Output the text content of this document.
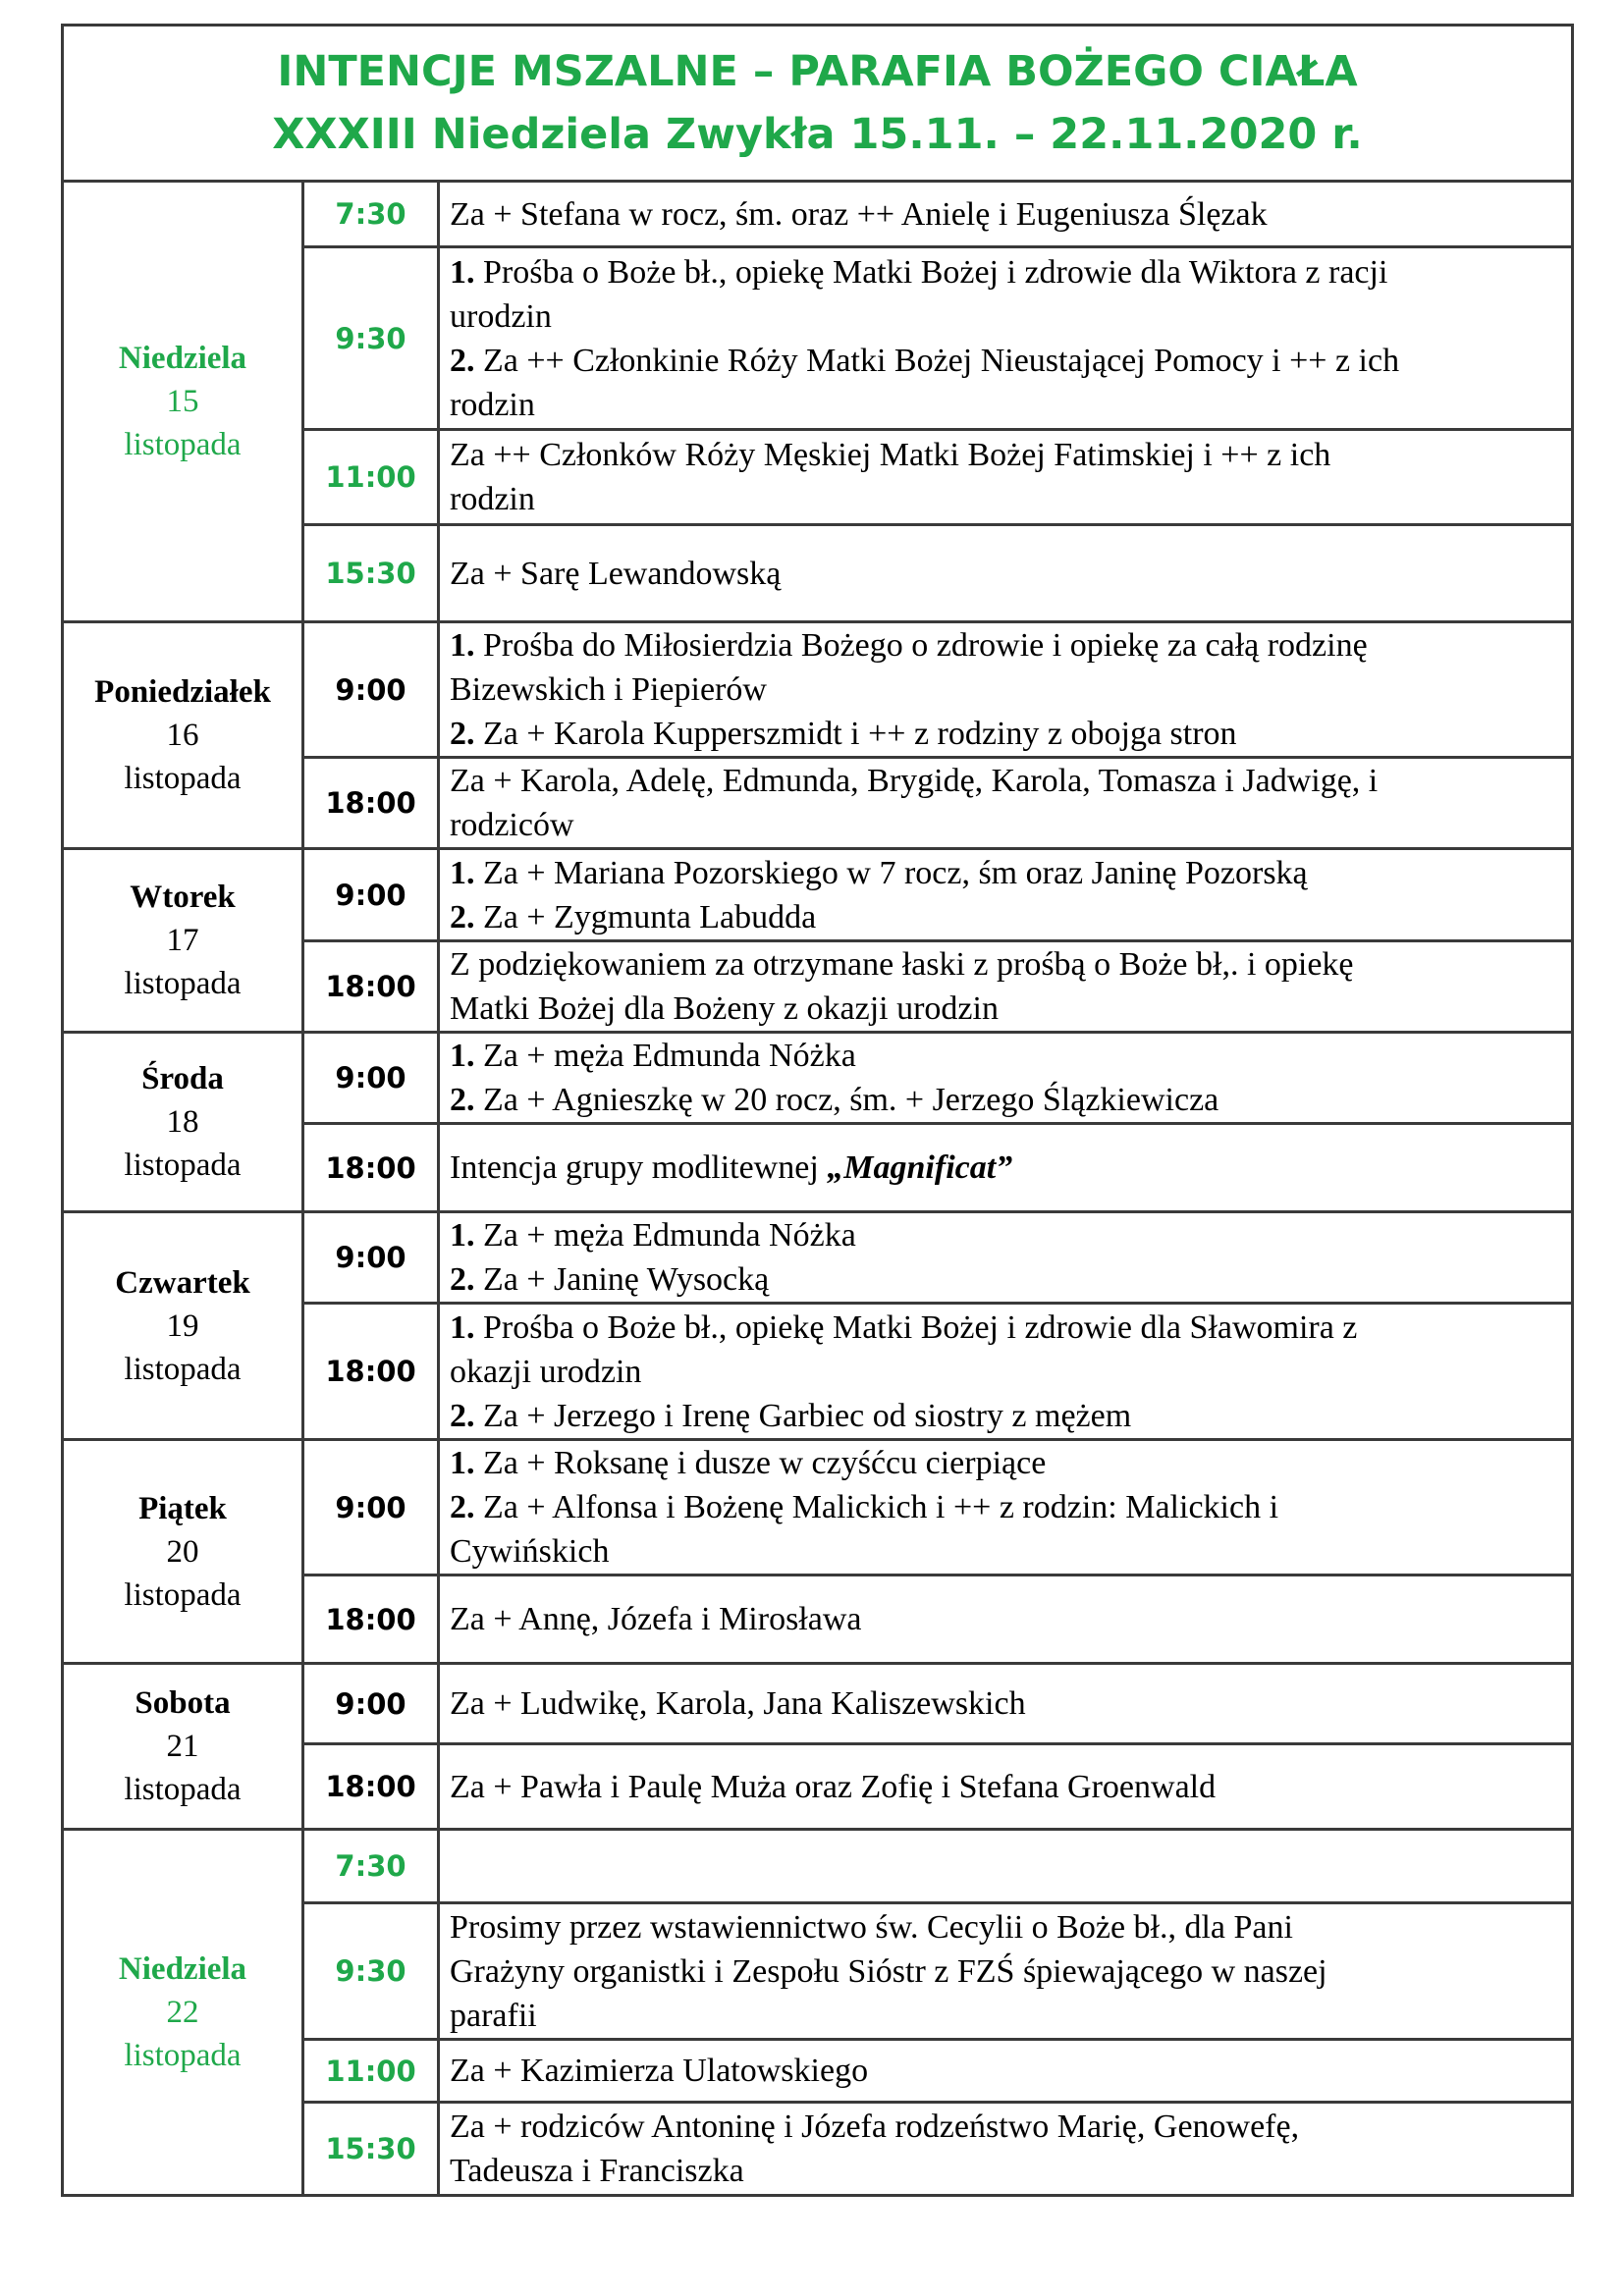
INTENCJE MSZALNE – PARAFIA BOŻEGO CIAŁA
XXXIII Niedziela Zwykła 15.11. – 22.11.2020 r.		

Niedziela
15
listopada	7:30	Za + Stefana w rocz, śm. oraz ++ Anielę i Eugeniusza Ślęzak

	9:30	1. Prośba o Boże bł., opiekę Matki Bożej i zdrowie dla Wiktora z racji
urodzin
2. Za ++ Członkinie Róży Matki Bożej Nieustającej Pomocy i ++ z ich
rodzin

	11:00	Za ++ Członków Róży Męskiej Matki Bożej Fatimskiej i ++ z ich
rodzin

	15:30	Za + Sarę Lewandowską

Poniedziałek
16
listopada	9:00	1. Prośba do Miłosierdzia Bożego o zdrowie i opiekę za całą rodzinę
Bizewskich i Piepierów
2. Za + Karola Kupperszmidt i ++ z rodziny z obojga stron

	18:00	Za + Karola, Adelę, Edmunda, Brygidę, Karola, Tomasza i Jadwigę, i
rodziców

Wtorek
17
listopada	9:00	1. Za + Mariana Pozorskiego w 7 rocz, śm oraz Janinę Pozorską
2. Za + Zygmunta Labudda

	18:00	Z podziękowaniem za otrzymane łaski z prośbą o Boże bł,. i opiekę
Matki Bożej dla Bożeny z okazji urodzin

Środa
18
listopada	9:00	1. Za + męża Edmunda Nóżka
2. Za + Agnieszkę w 20 rocz, śm. + Jerzego Ślązkiewicza

	18:00	Intencja grupy modlitewnej „Magnificat”

Czwartek
19
listopada	9:00	1. Za + męża Edmunda Nóżka
2. Za + Janinę Wysocką

	18:00	1. Prośba o Boże bł., opiekę Matki Bożej i zdrowie dla Sławomira z
okazji urodzin
2. Za + Jerzego i Irenę Garbiec od siostry z mężem

Piątek
20
listopada	9:00	1. Za + Roksanę i dusze w czyśćcu cierpiące
2. Za + Alfonsa i Bożenę Malickich i ++ z rodzin: Malickich i
Cywińskich

	18:00	Za + Annę, Józefa i Mirosława

Sobota
21
listopada	9:00	Za + Ludwikę, Karola, Jana Kaliszewskich

	18:00	Za + Pawła i Paulę Muża oraz Zofię i Stefana Groenwald

Niedziela
22
listopada	7:30	
	9:30	Prosimy przez wstawiennictwo św. Cecylii o Boże bł., dla Pani
Grażyny organistki i Zespołu Sióstr z FZŚ śpiewającego w naszej
parafii

	11:00	Za + Kazimierza Ulatowskiego

	15:30	Za + rodziców Antoninę i Józefa rodzeństwo Marię, Genowefę,
Tadeusza i Franciszka
